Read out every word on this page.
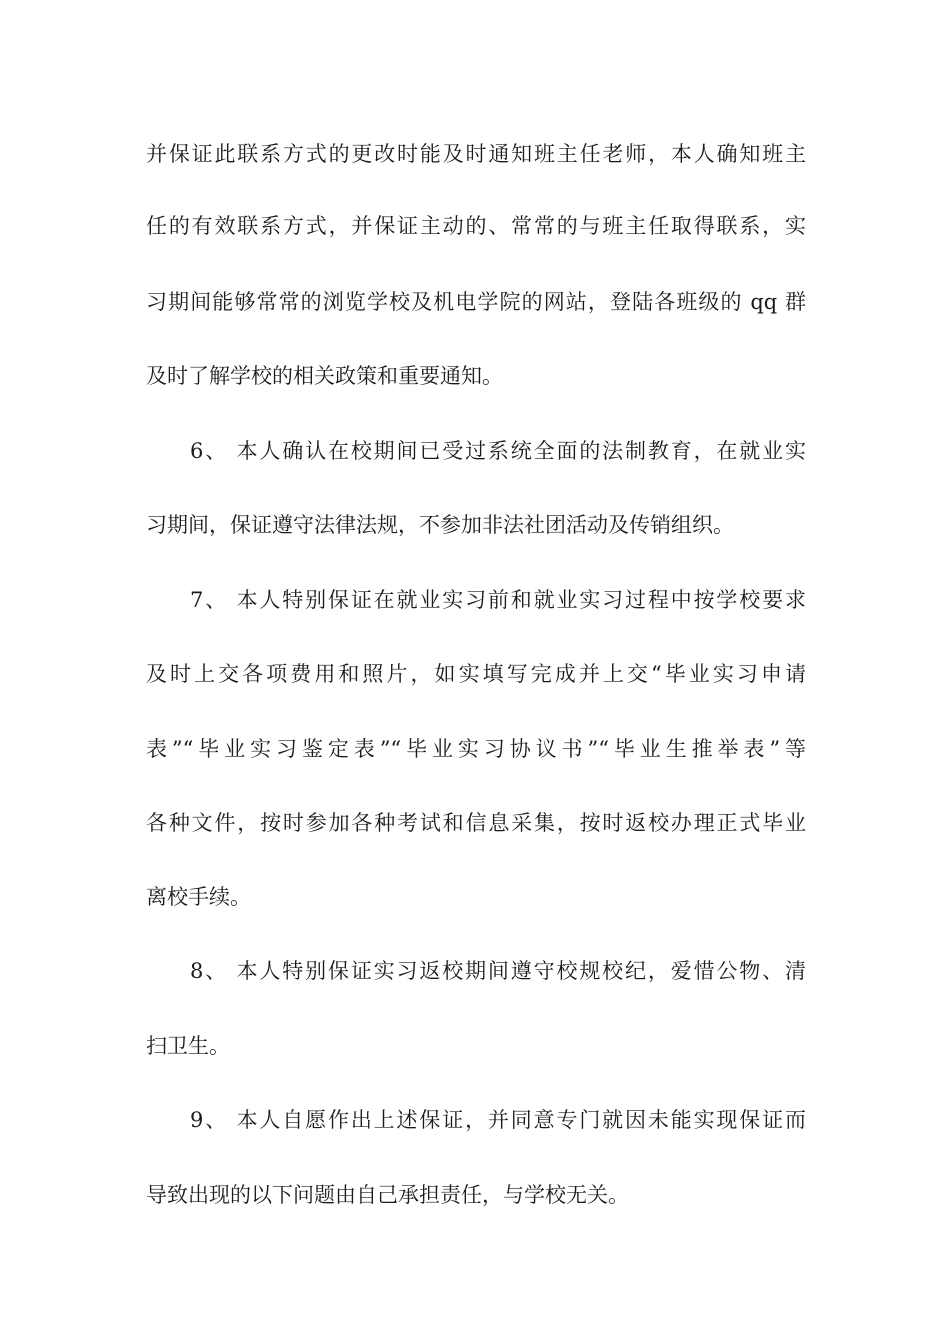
并保证此联系方式的更改时能及时通知班主任老师，本人确知班主
任的有效联系方式，并保证主动的、常常的与班主任取得联系，实
习期间能够常常的浏览学校及机电学院的网站，登陆各班级的 qq 群
及时了解学校的相关政策和重要通知。
6、 本人确认在校期间已受过系统全面的法制教育，在就业实
习期间，保证遵守法律法规，不参加非法社团活动及传销组织。
7、 本人特别保证在就业实习前和就业实习过程中按学校要求
及时上交各项费用和照片，如实填写完成并上交“毕业实习申请
表”“毕业实习鉴定表”“毕业实习协议书”“毕业生推举表”等
各种文件，按时参加各种考试和信息采集，按时返校办理正式毕业
离校手续。
8、 本人特别保证实习返校期间遵守校规校纪，爱惜公物、清
扫卫生。
9、 本人自愿作出上述保证，并同意专门就因未能实现保证而
导致出现的以下问题由自己承担责任，与学校无关。
